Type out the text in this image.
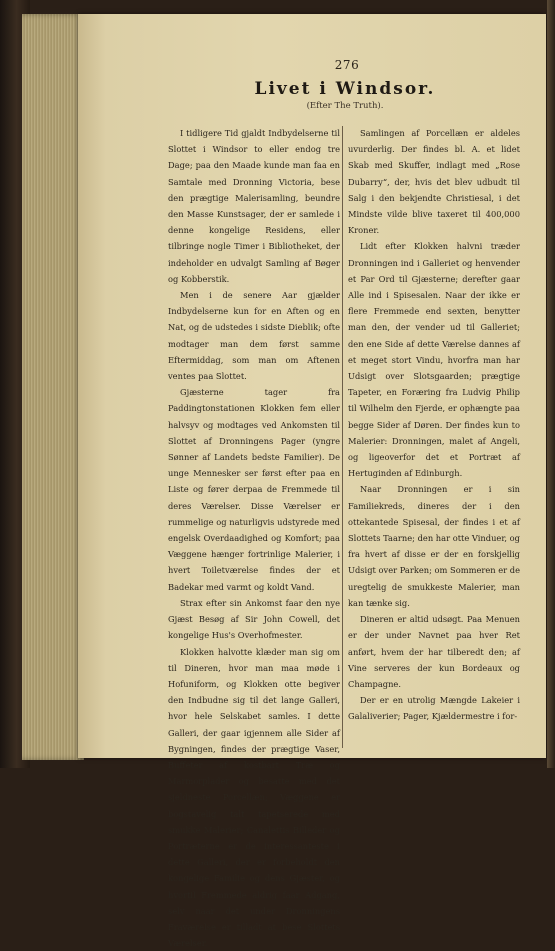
276
Livet i Windsor.
(Efter The Truth).

I tidligere Tid gjaldt Indbydelserne til Slottet i Windsor to eller endog tre Dage; paa den Maade kunde man faa en Samtale med Dronning Victoria, bese den prægtige Malerisamling, beundre den Masse Kunstsager, der er samlede i denne kongelige Residens, eller tilbringe nogle Timer i Bibliotheket, der indeholder en udvalgt Samling af Bøger og Kobberstik.

Men i de senere Aar gjælder Indbydelserne kun for en Aften og en Nat, og de udstedes i sidste Dieblik; ofte modtager man dem først samme Eftermiddag, som man om Aftenen ventes paa Slottet.

Gjæsterne tager fra Paddingtonstationen Klokken fem eller halvsyv og modtages ved Ankomsten til Slottet af Dronningens Pager (yngre Sønner af Landets bedste Familier). De unge Mennesker ser først efter paa en Liste og fører derpaa de Fremmede til deres Værelser. Disse Værelser er rummelige og naturligvis udstyrede med engelsk Overdaadighed og Komfort; paa Væggene hænger fortrinlige Malerier, i hvert Toiletværelse findes der et Badekar med varmt og koldt Vand.

Strax efter sin Ankomst faar den nye Gjæst Besøg af Sir John Cowell, det kongelige Hus's Overhofmester.

Klokken halvotte klæder man sig om til Dineren, hvor man maa møde i Hofuniform, og Klokken otte begiver den Indbudne sig til det lange Galleri, hvor hele Selskabet samles. I dette Galleri, der gaar igjennem alle Sider af Bygningen, findes der prægtige Vaser, Buffeter af kostbart Træ og Marmorplader og besatte med det sjeldneste Porcellæn; Væggene er bogstavelig talt tapetserede med smukke Malerier; Canalettis Billeder og Portræterne er de interessanteste i dette Galleri, der er forbeholdt den kongelige Familie og dens Gjæster, og hvortil Fremmede aldrig faar Adgang, selv naar det under Dronningens Fraværelse er tilladt at bese Slottets Værelser.

Samlingen af Porcellæn er aldeles uvurderlig. Der findes bl. A. et lidet Skab med Skuffer, indlagt med „Rose Dubarry“, der, hvis det blev udbudt til Salg i den bekjendte Christiesal, i det Mindste vilde blive taxeret til 400,000 Kroner.

Lidt efter Klokken halvni træder Dronningen ind i Galleriet og henvender et Par Ord til Gjæsterne; derefter gaar Alle ind i Spisesalen. Naar der ikke er flere Fremmede end sexten, benytter man den, der vender ud til Galleriet; den ene Side af dette Værelse dannes af et meget stort Vindu, hvorfra man har Udsigt over Slotsgaarden; prægtige Tapeter, en Foræring fra Ludvig Philip til Wilhelm den Fjerde, er ophængte paa begge Sider af Døren. Der findes kun to Malerier: Dronningen, malet af Angeli, og ligeoverfor det et Portræt af Hertuginden af Edinburgh.

Naar Dronningen er i sin Familiekreds, dineres der i den ottekantede Spisesal, der findes i et af Slottets Taarne; den har otte Vinduer, og fra hvert af disse er der en forskjellig Udsigt over Parken; om Sommeren er de uregtelig de smukkeste Malerier, man kan tænke sig.

Dineren er altid udsøgt. Paa Menuen er der under Navnet paa hver Ret anført, hvem der har tilberedt den; af Vine serveres der kun Bordeaux og Champagne.

Der er en utrolig Mængde Lakeier i Galaliverier; Pager, Kjældermestre i for-
